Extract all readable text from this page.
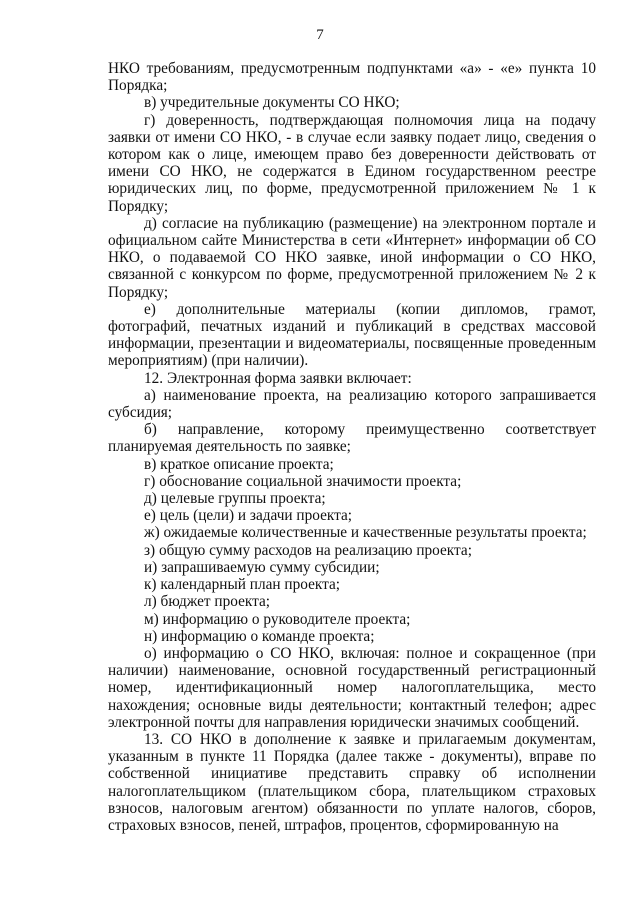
7

НКО требованиям, предусмотренным подпунктами «а» - «е» пункта 10 Порядка;

в) учредительные документы СО НКО;

г) доверенность, подтверждающая полномочия лица на подачу заявки от имени СО НКО, - в случае если заявку подает лицо, сведения о котором как о лице, имеющем право без доверенности действовать от имени СО НКО, не содержатся в Едином государственном реестре юридических лиц, по форме, предусмотренной приложением № 1 к Порядку;

д) согласие на публикацию (размещение) на электронном портале и официальном сайте Министерства в сети «Интернет» информации об СО НКО, о подаваемой СО НКО заявке, иной информации о СО НКО, связанной с конкурсом по форме, предусмотренной приложением № 2 к Порядку;

е) дополнительные материалы (копии дипломов, грамот, фотографий, печатных изданий и публикаций в средствах массовой информации, презентации и видеоматериалы, посвященные проведенным мероприятиям) (при наличии).

12. Электронная форма заявки включает:

а) наименование проекта, на реализацию которого запрашивается субсидия;

б) направление, которому преимущественно соответствует планируемая деятельность по заявке;

в) краткое описание проекта;

г) обоснование социальной значимости проекта;

д) целевые группы проекта;

е) цель (цели) и задачи проекта;

ж) ожидаемые количественные и качественные результаты проекта;

з) общую сумму расходов на реализацию проекта;

и) запрашиваемую сумму субсидии;

к) календарный план проекта;

л) бюджет проекта;

м) информацию о руководителе проекта;

н) информацию о команде проекта;

о) информацию о СО НКО, включая: полное и сокращенное (при наличии) наименование, основной государственный регистрационный номер, идентификационный номер налогоплательщика, место нахождения; основные виды деятельности; контактный телефон; адрес электронной почты для направления юридически значимых сообщений.

13. СО НКО в дополнение к заявке и прилагаемым документам, указанным в пункте 11 Порядка (далее также - документы), вправе по собственной инициативе представить справку об исполнении налогоплательщиком (плательщиком сбора, плательщиком страховых взносов, налоговым агентом) обязанности по уплате налогов, сборов, страховых взносов, пеней, штрафов, процентов, сформированную на
